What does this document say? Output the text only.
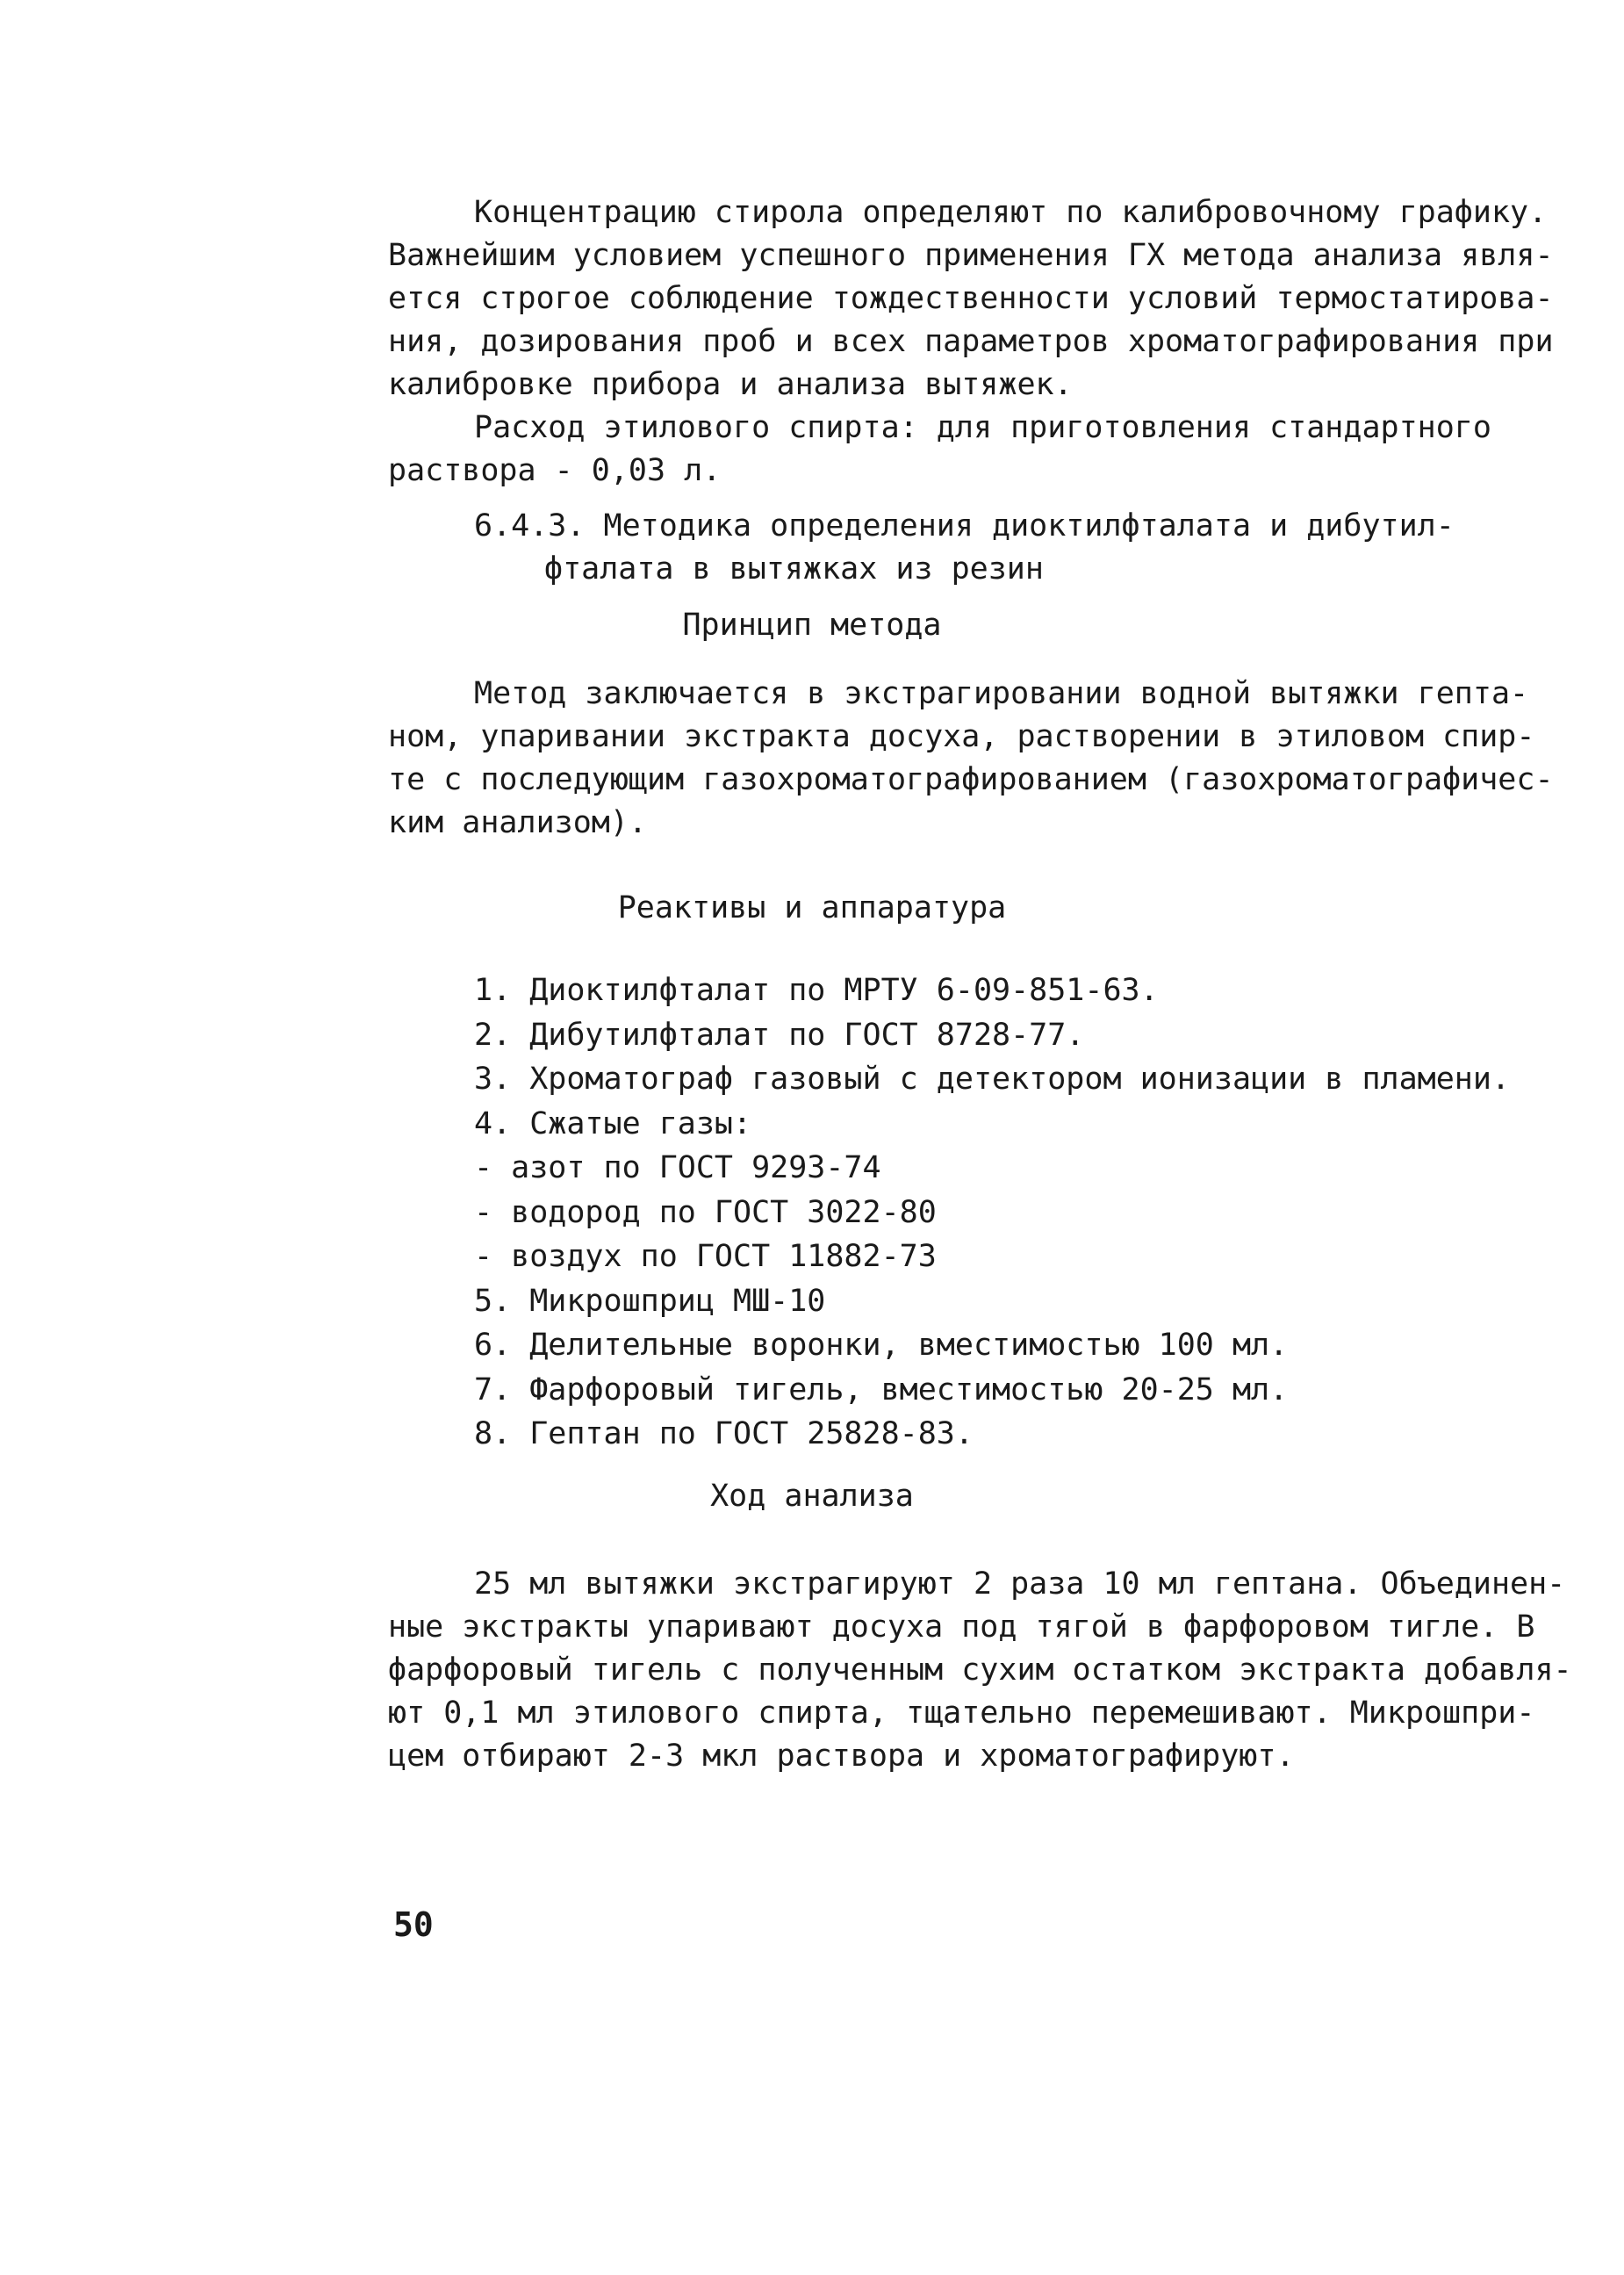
Концентрацию стирола определяют по калибровочному графику.
Важнейшим условием успешного применения ГХ метода анализа явля-
ется строгое соблюдение тождественности условий термостатирова-
ния, дозирования проб и всех параметров хроматографирования при
калибровке прибора и анализа вытяжек.
Расход этилового спирта: для приготовления стандартного
раствора - 0,03 л.
6.4.3. Методика определения диоктилфталата и дибутил-
фталата в вытяжках из резин
Принцип метода
Метод заключается в экстрагировании водной вытяжки гепта-
ном, упаривании экстракта досуха, растворении в этиловом спир-
те с последующим газохроматографированием (газохроматографичес-
ким анализом).
Реактивы и аппаратура
1. Диоктилфталат по МРТУ 6-09-851-63.
2. Дибутилфталат по ГОСТ 8728-77.
3. Хроматограф газовый с детектором ионизации в пламени.
4. Сжатые газы:
- азот по ГОСТ 9293-74
- водород по ГОСТ 3022-80
- воздух по ГОСТ 11882-73
5. Микрошприц МШ-10
6. Делительные воронки, вместимостью 100 мл.
7. Фарфоровый тигель, вместимостью 20-25 мл.
8. Гептан по ГОСТ 25828-83.
Ход анализа
25 мл вытяжки экстрагируют 2 раза 10 мл гептана. Объединен-
ные экстракты упаривают досуха под тягой в фарфоровом тигле. В
фарфоровый тигель с полученным сухим остатком экстракта добавля-
ют 0,1 мл этилового спирта, тщательно перемешивают. Микрошпри-
цем отбирают 2-3 мкл раствора и хроматографируют.
50
